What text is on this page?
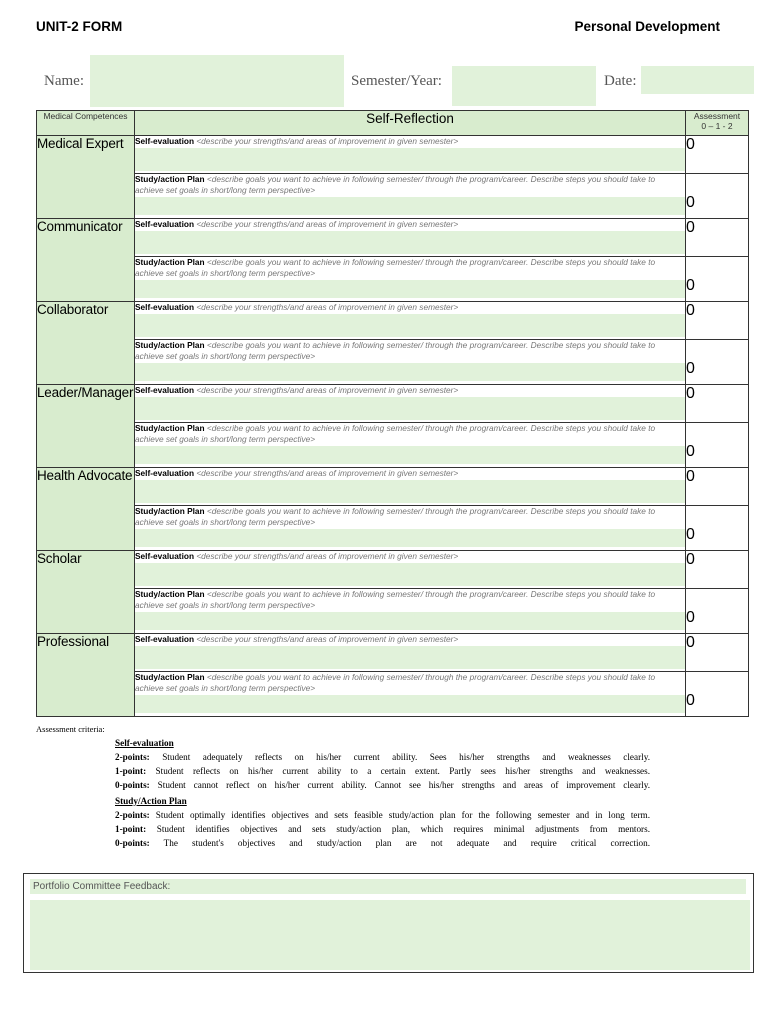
UNIT-2 FORM	Personal Development
Name:	Semester/Year:	Date:
Medical Competences	Self-Reflection	Assessment
0 – 1 - 2

Medical Expert	Self-evaluation <describe your strengths/and areas of improvement in given semester>	0

	Study/action Plan <describe goals you want to achieve in following semester/ through the program/career. Describe steps you should take to achieve set goals in short/long term perspective>	0
Communicator	Self-evaluation <describe your strengths/and areas of improvement in given semester>	0

	Study/action Plan <describe goals you want to achieve in following semester/ through the program/career. Describe steps you should take to achieve set goals in short/long term perspective>	0
Collaborator	Self-evaluation <describe your strengths/and areas of improvement in given semester>	0

	Study/action Plan <describe goals you want to achieve in following semester/ through the program/career. Describe steps you should take to achieve set goals in short/long term perspective>	0
Leader/Manager	Self-evaluation <describe your strengths/and areas of improvement in given semester>	0

	Study/action Plan <describe goals you want to achieve in following semester/ through the program/career. Describe steps you should take to achieve set goals in short/long term perspective>	0
Health Advocate	Self-evaluation <describe your strengths/and areas of improvement in given semester>	0

	Study/action Plan <describe goals you want to achieve in following semester/ through the program/career. Describe steps you should take to achieve set goals in short/long term perspective>	0
Scholar	Self-evaluation <describe your strengths/and areas of improvement in given semester>	0

	Study/action Plan <describe goals you want to achieve in following semester/ through the program/career. Describe steps you should take to achieve set goals in short/long term perspective>	0
Professional	Self-evaluation <describe your strengths/and areas of improvement in given semester>	0

	Study/action Plan <describe goals you want to achieve in following semester/ through the program/career. Describe steps you should take to achieve set goals in short/long term perspective>	0
Assessment criteria:
Self-evaluation
2-points: Student adequately reflects on his/her current ability. Sees his/her strengths and weaknesses clearly.
1-point: Student reflects on his/her current ability to a certain extent. Partly sees his/her strengths and weaknesses.
0-points: Student cannot reflect on his/her current ability. Cannot see his/her strengths and areas of improvement clearly.
Study/Action Plan
2-points: Student optimally identifies objectives and sets feasible study/action plan for the following semester and in long term.
1-point: Student identifies objectives and sets study/action plan, which requires minimal adjustments from mentors.
0-points: The student's objectives and study/action plan are not adequate and require critical correction.
Portfolio Committee Feedback:
